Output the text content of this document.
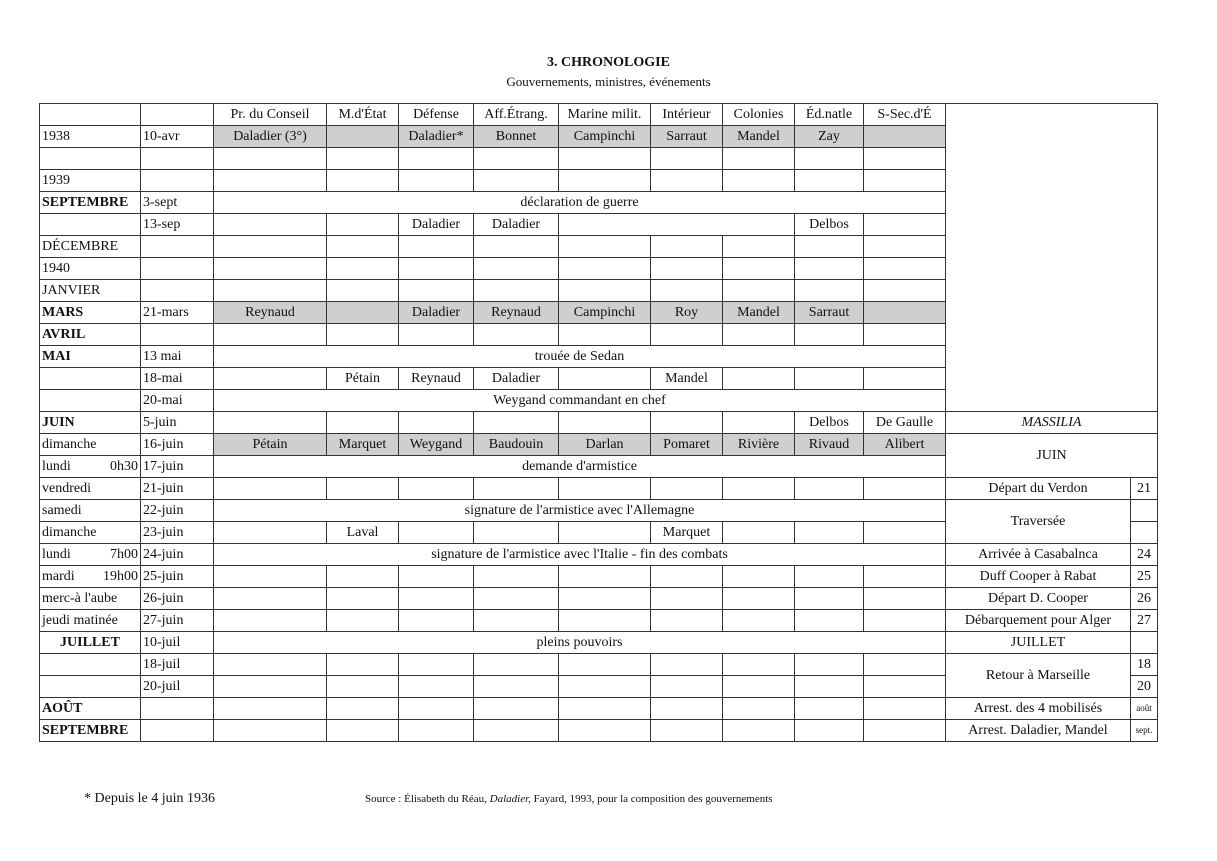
3. CHRONOLOGIE
Gouvernements, ministres, événements
		Pr. du Conseil	M.d'État	Défense	Aff.Étrang.	Marine milit.	Intérieur	Colonies	Éd.natle	S-Sec.d'É		
1938	10-avr	Daladier (3°)		Daladier*	Bonnet	Campinchi	Sarraut	Mandel	Zay			

1939												
SEPTEMBRE	3-sept	déclaration de guerre										
	13-sep			Daladier	Daladier				Delbos			
DÉCEMBRE												
1940												
JANVIER												
MARS	21-mars	Reynaud		Daladier	Reynaud	Campinchi	Roy	Mandel	Sarraut			
AVRIL												
MAI	13 mai	trouée de Sedan										
	18-mai		Pétain	Reynaud	Daladier		Mandel					
	20-mai	Weygand commandant en chef										
JUIN	5-juin								Delbos	De Gaulle	MASSILIA	
dimanche	16-juin	Pétain	Marquet	Weygand	Baudouin	Darlan	Pomaret	Rivière	Rivaud	Alibert	JUIN	

lundi 0h30	17-juin	demande d'armistice										
vendredi	21-juin										Départ du Verdon	21
samedi	22-juin	signature de l'armistice avec l'Allemagne									Traversée	
dimanche	23-juin		Laval				Marquet					

lundi 7h00	24-juin	signature de l'armistice avec l'Italie - fin des combats									Arrivée à Casabalnca	24

mardi 19h00	25-juin										Duff Cooper à Rabat	25
merc-à l'aube	26-juin										Départ D. Cooper	26
jeudi matinée	27-juin										Débarquement pour Alger	27
JUILLET	10-juil	pleins pouvoirs									JUILLET	
	18-juil										Retour à Marseille	18
	20-juil											20
AOÛT											Arrest. des 4 mobilisés	août
SEPTEMBRE											Arrest. Daladier, Mandel	sept.
* Depuis le 4 juin 1936	Source : Élisabeth du Réau, Daladier, Fayard, 1993, pour la composition des gouvernements
